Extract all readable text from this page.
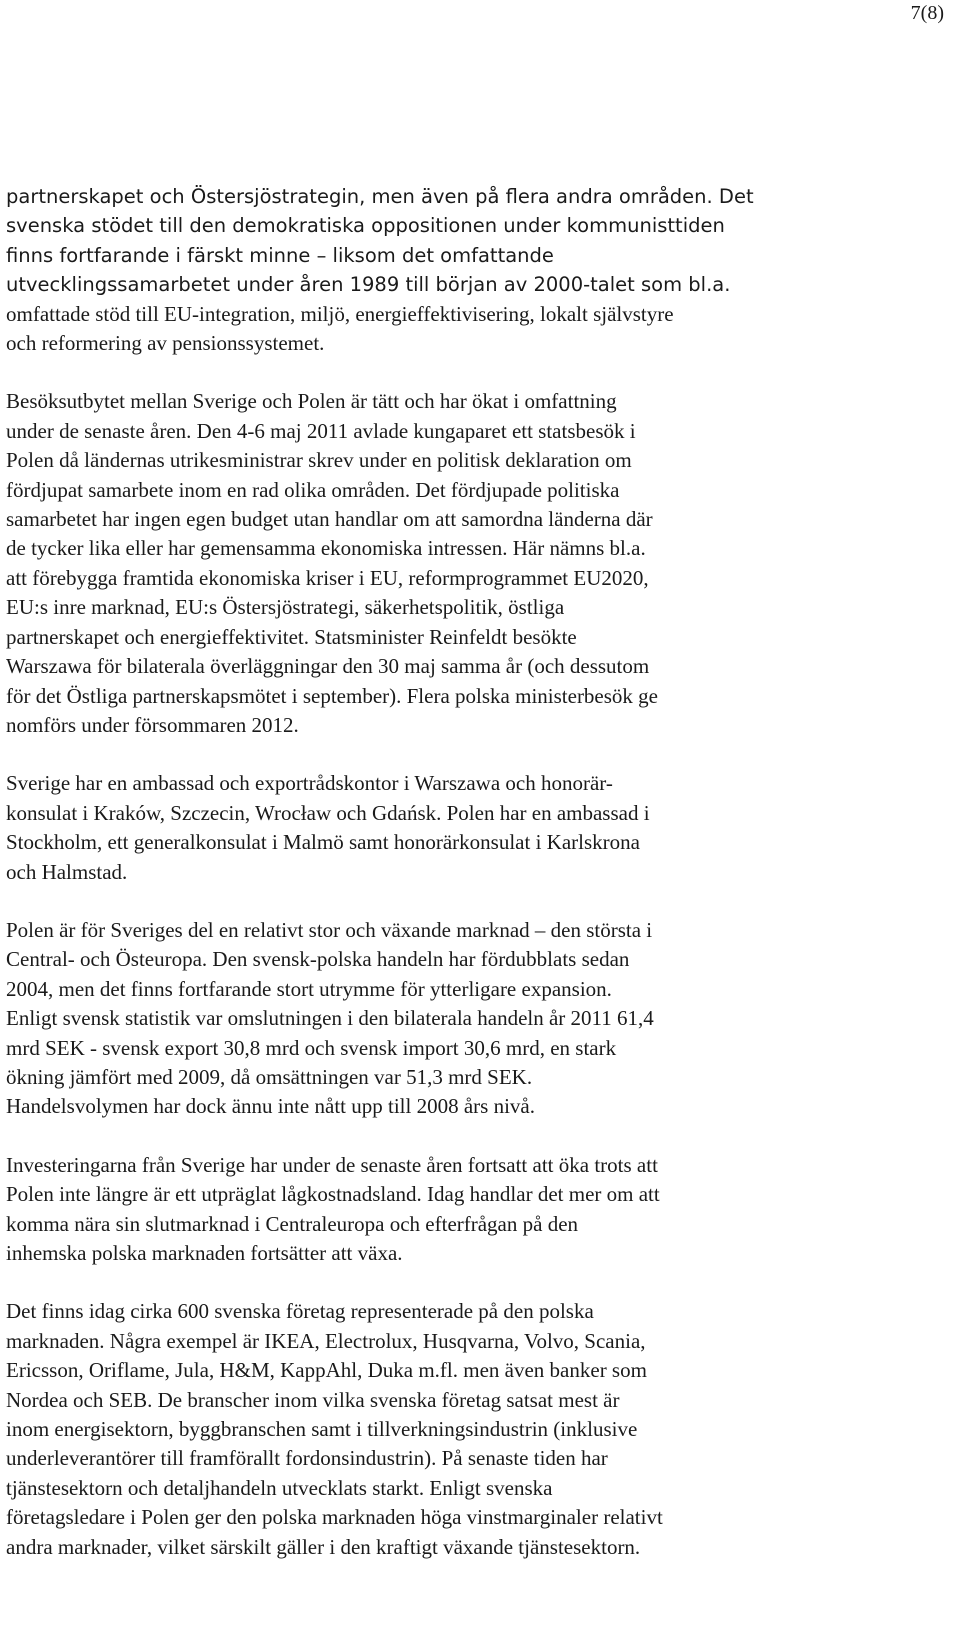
7(8)

partnerskapet och Östersjöstrategin, men även på flera andra områden. Det
svenska stödet till den demokratiska oppositionen under kommunisttiden
finns fortfarande i färskt minne – liksom det omfattande
utvecklingssamarbetet under åren 1989 till början av 2000-talet som bl.a.

omfattade stöd till EU-integration, miljö, energieffektivisering, lokalt självstyre
och reformering av pensionssystemet.

Besöksutbytet mellan Sverige och Polen är tätt och har ökat i omfattning
under de senaste åren. Den 4-6 maj 2011 avlade kungaparet ett statsbesök i
Polen då ländernas utrikesministrar skrev under en politisk deklaration om
fördjupat samarbete inom en rad olika områden. Det fördjupade politiska
samarbetet har ingen egen budget utan handlar om att samordna länderna där
de tycker lika eller har gemensamma ekonomiska intressen. Här nämns bl.a.
att förebygga framtida ekonomiska kriser i EU, reformprogrammet EU2020,
EU:s inre marknad, EU:s Östersjöstrategi, säkerhetspolitik, östliga
partnerskapet och energieffektivitet. Statsminister Reinfeldt besökte
Warszawa för bilaterala överläggningar den 30 maj samma år (och dessutom
för det Östliga partnerskapsmötet i september). Flera polska ministerbesök ge
nomförs under försommaren 2012.

Sverige har en ambassad och exportrådskontor i Warszawa och honorär-
konsulat i Kraków, Szczecin, Wrocław och Gdańsk. Polen har en ambassad i
Stockholm, ett generalkonsulat i Malmö samt honorärkonsulat i Karlskrona
och Halmstad.

Polen är för Sveriges del en relativt stor och växande marknad – den största i
Central- och Östeuropa. Den svensk-polska handeln har fördubblats sedan
2004, men det finns fortfarande stort utrymme för ytterligare expansion.
Enligt svensk statistik var omslutningen i den bilaterala handeln år 2011 61,4
mrd SEK - svensk export 30,8 mrd och svensk import 30,6 mrd, en stark
ökning jämfört med 2009, då omsättningen var 51,3 mrd SEK.
Handelsvolymen har dock ännu inte nått upp till 2008 års nivå.

Investeringarna från Sverige har under de senaste åren fortsatt att öka trots att
Polen inte längre är ett utpräglat lågkostnadsland. Idag handlar det mer om att
komma nära sin slutmarknad i Centraleuropa och efterfrågan på den
inhemska polska marknaden fortsätter att växa.

Det finns idag cirka 600 svenska företag representerade på den polska
marknaden. Några exempel är IKEA, Electrolux, Husqvarna, Volvo, Scania,
Ericsson, Oriflame, Jula, H&M, KappAhl, Duka m.fl. men även banker som
Nordea och SEB. De branscher inom vilka svenska företag satsat mest är
inom energisektorn, byggbranschen samt i tillverkningsindustrin (inklusive
underleverantörer till framförallt fordonsindustrin). På senaste tiden har
tjänstesektorn och detaljhandeln utvecklats starkt. Enligt svenska
företagsledare i Polen ger den polska marknaden höga vinstmarginaler relativt
andra marknader, vilket särskilt gäller i den kraftigt växande tjänstesektorn.
